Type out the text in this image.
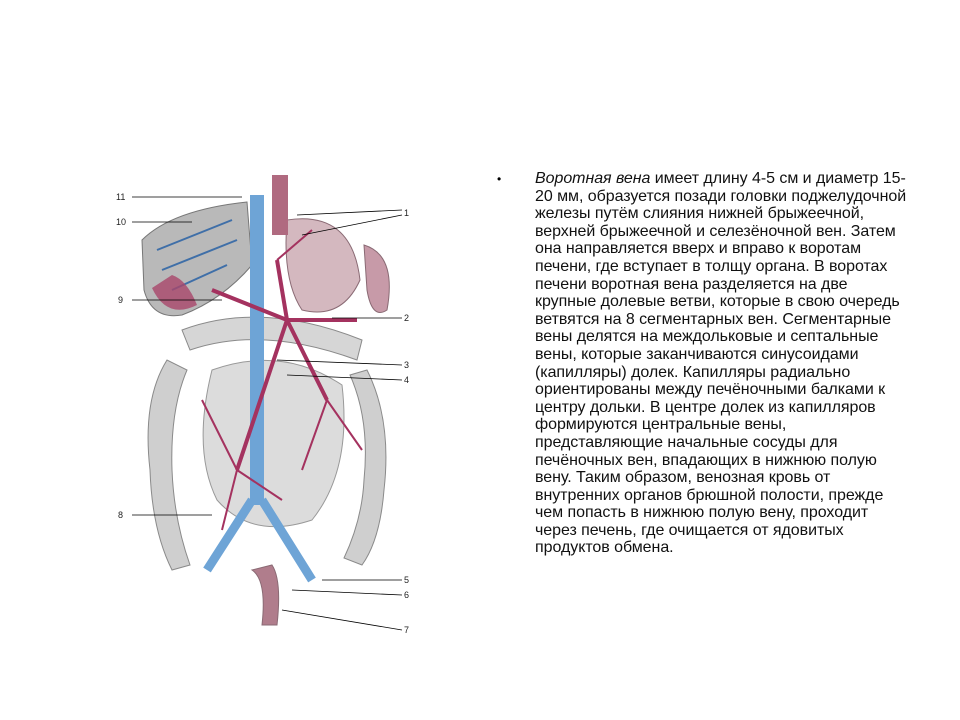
11
10
9
8
1
2
3
4
5
6
7
• Воротная вена имеет длину 4-5 см и диаметр 15-20 мм, образуется позади головки поджелудочной железы путём слияния нижней брыжеечной, верхней брыжеечной и селезёночной вен. Затем она направляется вверх и вправо к воротам печени, где вступает в толщу органа. В воротах печени воротная вена разделяется на две крупные долевые ветви, которые в свою очередь ветвятся на 8 сегментарных вен. Сегментарные вены делятся на междольковые и септальные вены, которые заканчиваются синусоидами (капилляры) долек. Капилляры радиально ориентированы между печёночными балками к центру дольки. В центре долек из капилляров формируются центральные вены, представляющие начальные сосуды для печёночных вен, впадающих в нижнюю полую вену. Таким образом, венозная кровь от внутренних органов брюшной полости, прежде чем попасть в нижнюю полую вену, проходит через печень, где очищается от ядовитых продуктов обмена.
